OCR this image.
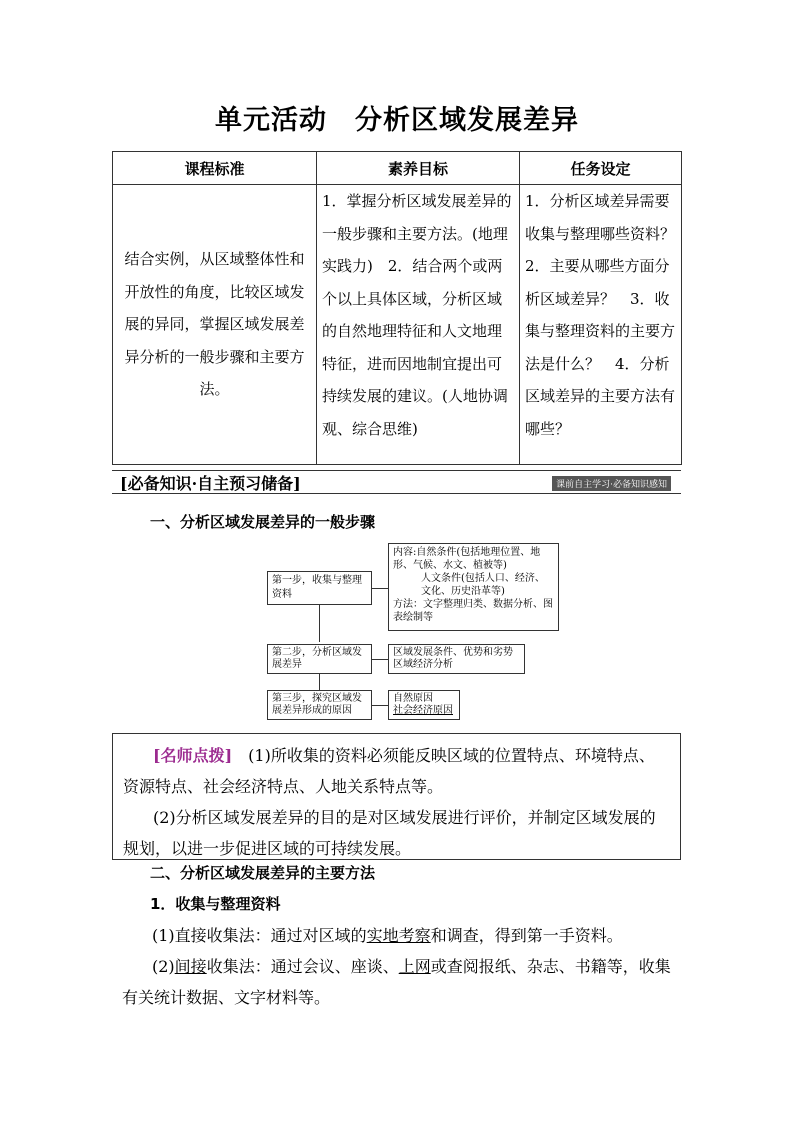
单元活动　分析区域发展差异
课程标准	素养目标	任务设定
结合实例，从区域整体性和开放性的角度，比较区域发展的异同，掌握区域发展差异分析的一般步骤和主要方法。	1．掌握分析区域发展差异的一般步骤和主要方法。(地理实践力)　2．结合两个或两个以上具体区域，分析区域的自然地理特征和人文地理特征，进而因地制宜提出可持续发展的建议。(人地协调观、综合思维)	1．分析区域差异需要收集与整理哪些资料？　2．主要从哪些方面分析区域差异？　3．收集与整理资料的主要方法是什么？　4．分析区域差异的主要方法有哪些？
[必备知识·自主预习储备]	课前自主学习·必备知识感知
一、分析区域发展差异的一般步骤
第一步，收集与整理资料
内容:自然条件(包括地理位置、地形、气候、水文、植被等)
人文条件(包括人口、经济、文化、历史沿革等)
方法：文字整理归类、数据分析、图表绘制等
第二步，分析区域发展差异
区域发展条件、优势和劣势区域经济分析
第三步，探究区域发展差异形成的原因
自然原因
社会经济原因

[名师点拨]　 (1)所收集的资料必须能反映区域的位置特点、环境特点、资源特点、社会经济特点、人地关系特点等。

(2)分析区域发展差异的目的是对区域发展进行评价，并制定区域发展的规划，以进一步促进区域的可持续发展。

二、分析区域发展差异的主要方法
1．收集与整理资料
(1)直接收集法：通过对区域的实地考察和调查，得到第一手资料。
(2)间接收集法：通过会议、座谈、上网或查阅报纸、杂志、书籍等，收集有关统计数据、文字材料等。
